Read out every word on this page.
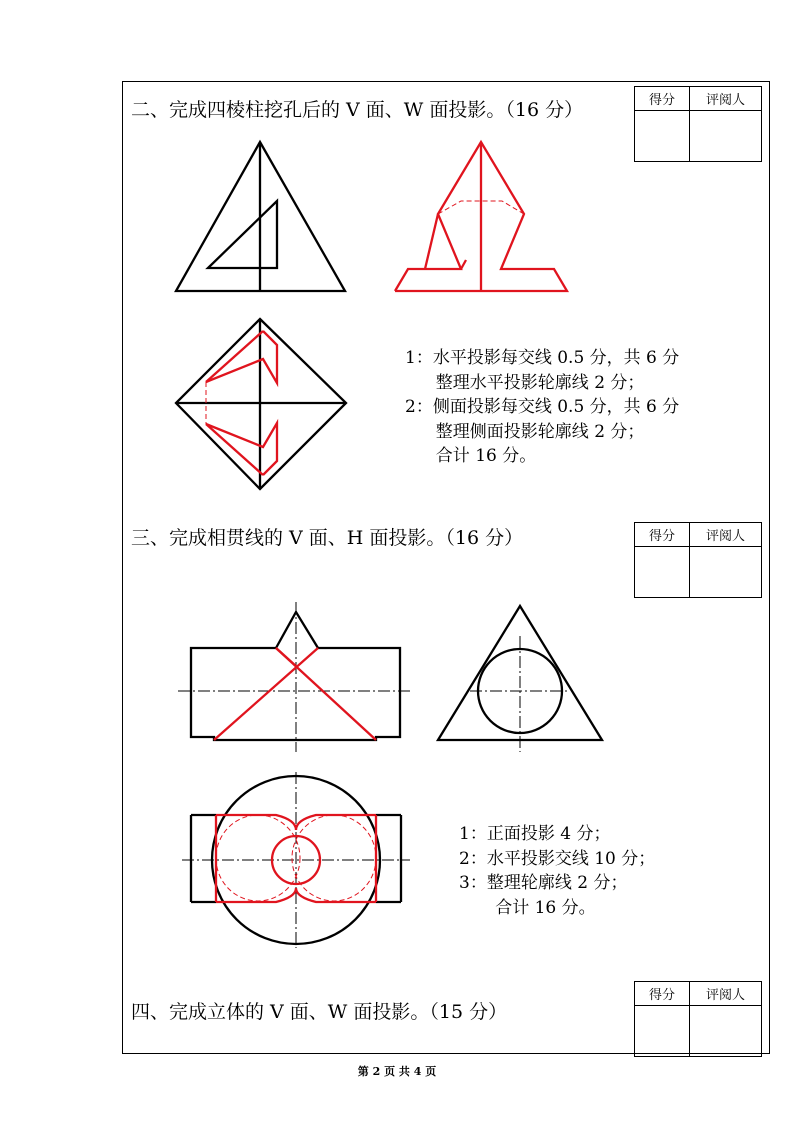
二、完成四棱柱挖孔后的 V 面、W 面投影。（16 分）	得分	评阅人
1：水平投影每交线 0.5 分，共 6 分
整理水平投影轮廓线 2 分；
2：侧面投影每交线 0.5 分，共 6 分
整理侧面投影轮廓线 2 分；
合计 16 分。
三、完成相贯线的 V 面、H 面投影。（16 分）	得分	评阅人
1：正面投影 4 分；
2：水平投影交线 10 分；
3：整理轮廓线 2 分；
合计 16 分。
四、完成立体的 V 面、W 面投影。（15 分）
得分	评阅人
第 2 页 共 4 页
